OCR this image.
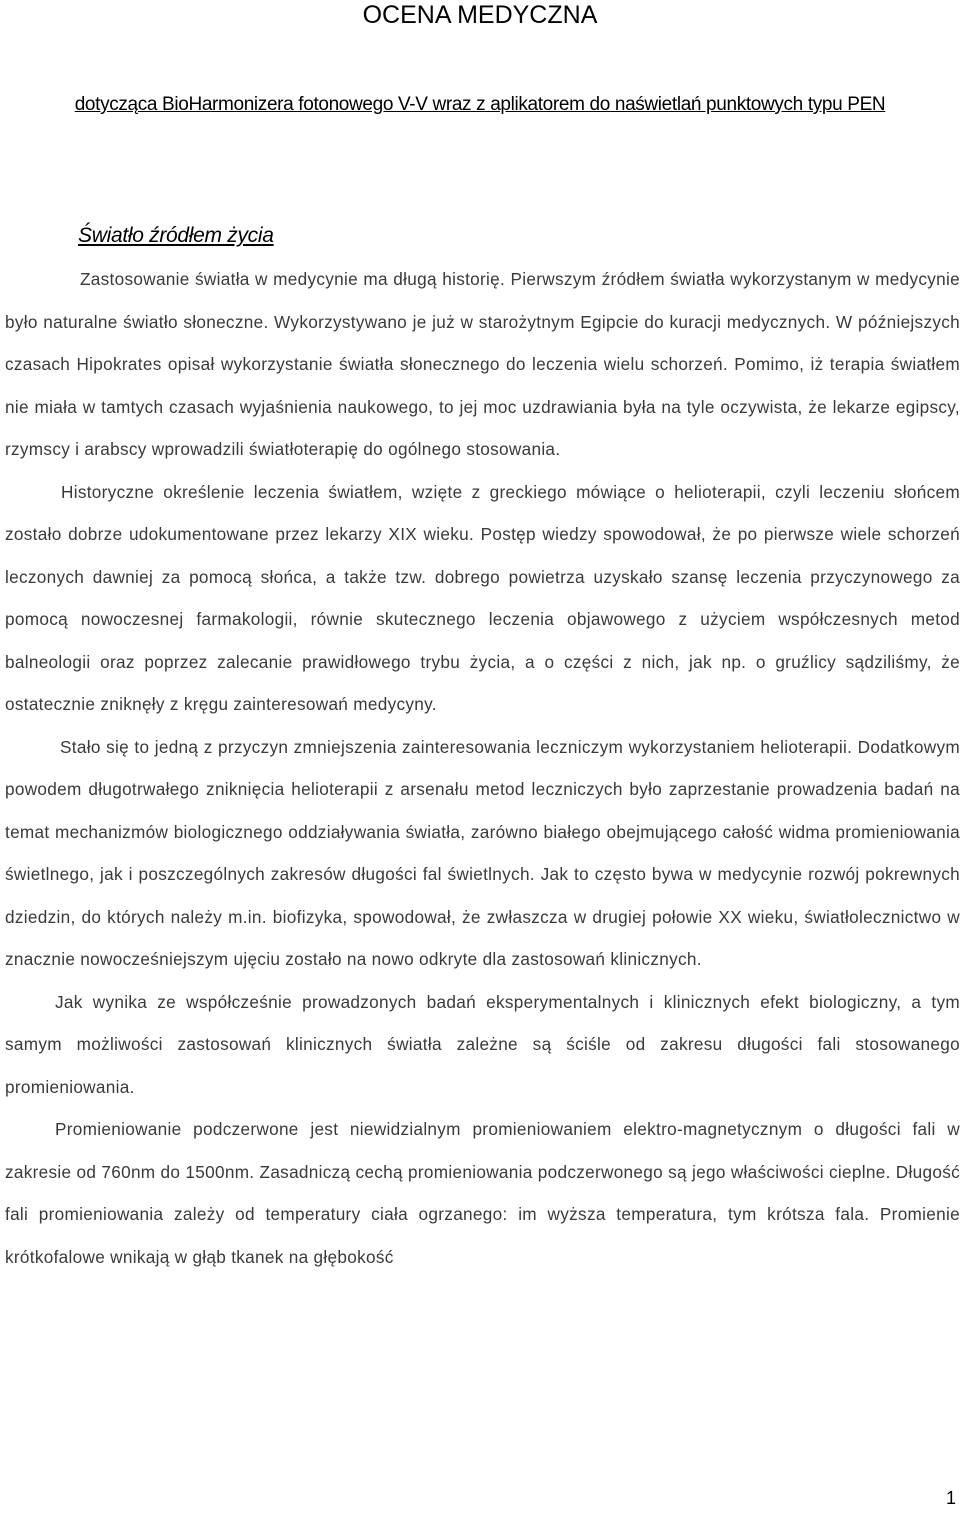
OCENA MEDYCZNA
dotycząca BioHarmonizera fotonowego V-V wraz z aplikatorem do naświetlań punktowych typu PEN
Światło źródłem życia

Zastosowanie światła w medycynie ma długą historię. Pierwszym źródłem światła wykorzystanym w medycynie było naturalne światło słoneczne. Wykorzystywano je już w starożytnym Egipcie do kuracji medycznych. W późniejszych czasach Hipokrates opisał wykorzystanie światła słonecznego do leczenia wielu schorzeń. Pomimo, iż terapia światłem nie miała w tamtych czasach wyjaśnienia naukowego, to jej moc uzdrawiania była na tyle oczywista, że lekarze egipscy, rzymscy i arabscy wprowadzili światłoterapię do ogólnego stosowania.

Historyczne określenie leczenia światłem, wzięte z greckiego mówiące o helioterapii, czyli leczeniu słońcem zostało dobrze udokumentowane przez lekarzy XIX wieku. Postęp wiedzy spowodował, że po pierwsze wiele schorzeń leczonych dawniej za pomocą słońca, a także tzw. dobrego powietrza uzyskało szansę leczenia przyczynowego za pomocą nowoczesnej farmakologii, równie skutecznego leczenia objawowego z użyciem współczesnych metod balneologii oraz poprzez zalecanie prawidłowego trybu życia, a o części z nich, jak np. o gruźlicy sądziliśmy, że ostatecznie zniknęły z kręgu zainteresowań medycyny.

Stało się to jedną z przyczyn zmniejszenia zainteresowania leczniczym wykorzystaniem helioterapii. Dodatkowym powodem długotrwałego zniknięcia helioterapii z arsenału metod leczniczych było zaprzestanie prowadzenia badań na temat mechanizmów biologicznego oddziaływania światła, zarówno białego obejmującego całość widma promieniowania świetlnego, jak i poszczególnych zakresów długości fal świetlnych. Jak to często bywa w medycynie rozwój pokrewnych dziedzin, do których należy m.in. biofizyka, spowodował, że zwłaszcza w drugiej połowie XX wieku, światłolecznictwo w znacznie nowocześniejszym ujęciu zostało na nowo odkryte dla zastosowań klinicznych.

Jak wynika ze współcześnie prowadzonych badań eksperymentalnych i klinicznych efekt biologiczny, a tym samym możliwości zastosowań klinicznych światła zależne są ściśle od zakresu długości fali stosowanego promieniowania.

Promieniowanie podczerwone jest niewidzialnym promieniowaniem elektro-magnetycznym o długości fali w zakresie od 760nm do 1500nm. Zasadniczą cechą promieniowania podczerwonego są jego właściwości cieplne. Długość fali promieniowania zależy od temperatury ciała ogrzanego: im wyższa temperatura, tym krótsza fala. Promienie krótkofalowe wnikają w głąb tkanek na głębokość

1
